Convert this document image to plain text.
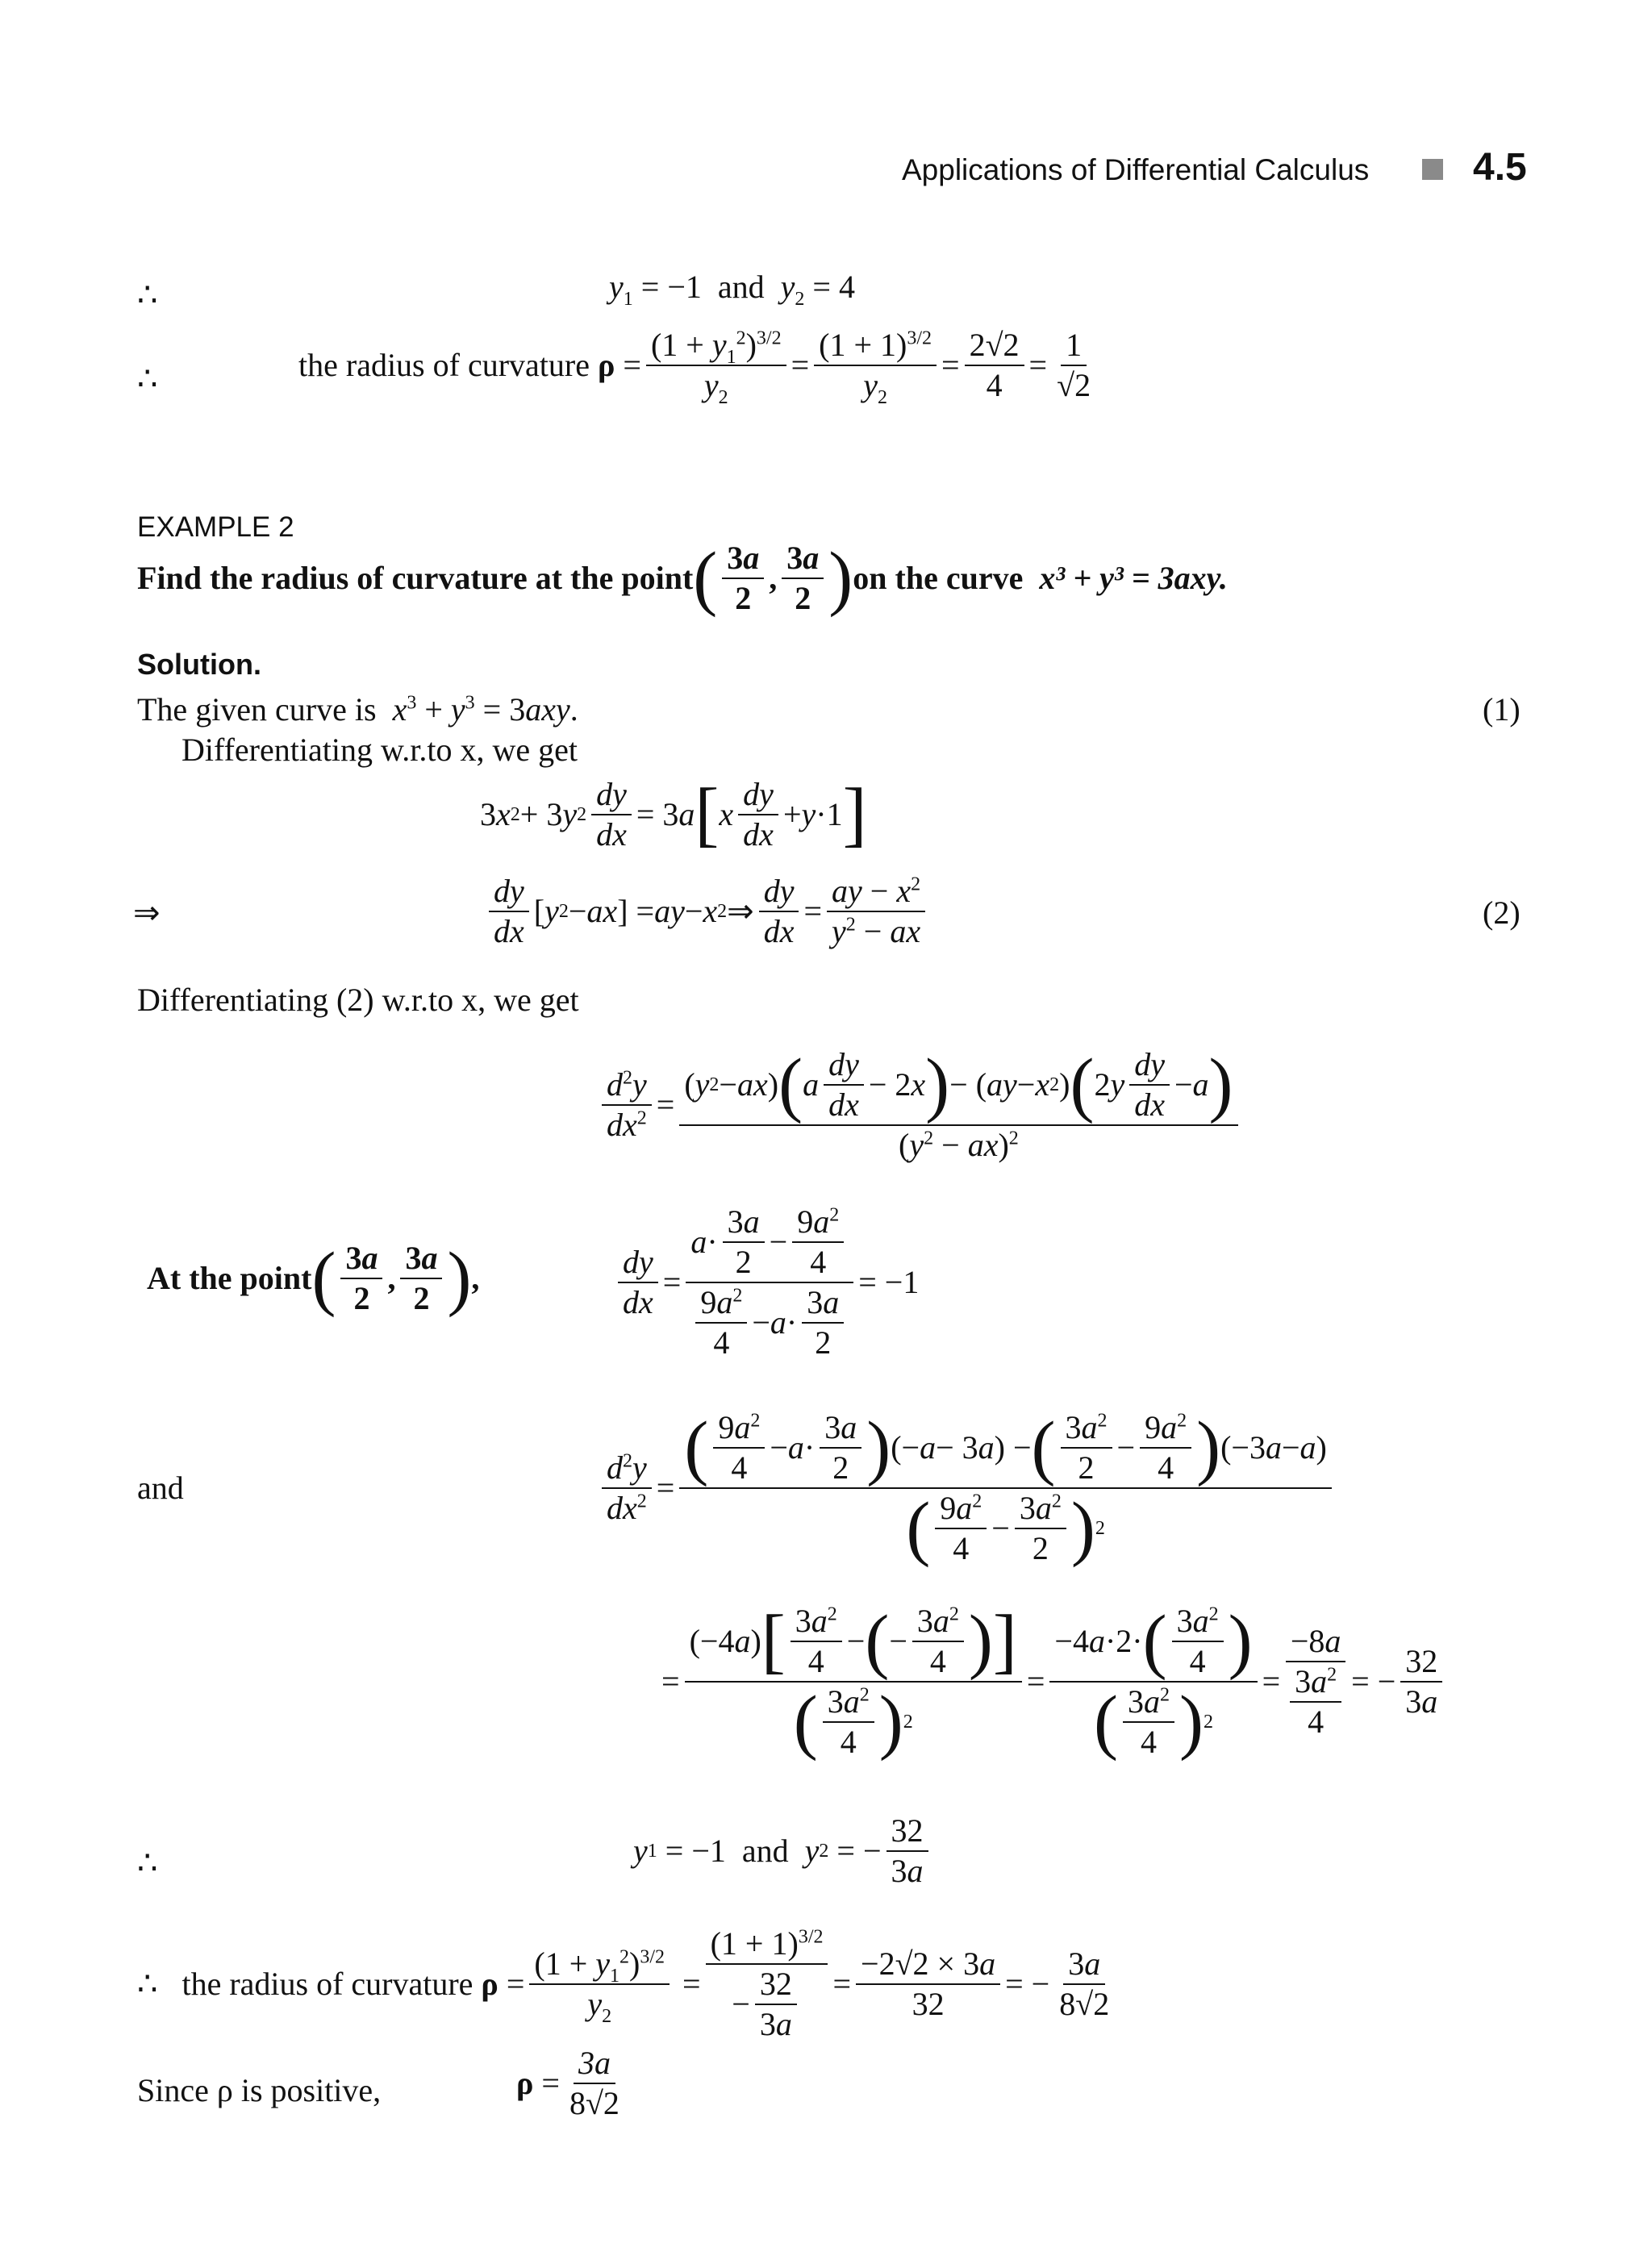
Applications of Differential Calculus	4.5
∴	$y_1 = -1$  and  $y_2 = 4$
∴	the radius of curvature
$\rho = \frac{(1 + y_1^2)^{3/2}}{y_2} = \frac{(1 + 1)^{3/2}}{y_2} = \frac{2√2}{4} = \frac{1}{√2}$
EXAMPLE 2
Find the radius of curvature at the point ( $\frac{3a}{2}$ , $\frac{3a}{2}$ ) on the curve
x³ + y³ = 3axy.
Solution.
The given curve is $x^3 + y^3 = 3axy$.	(1)
Differentiating w.r.to x, we get
3 x 2 + 3 y $2 \frac{dy}{dx} = 3$ a [ x $\frac{dy}{dx} + y \cdot 1$ ]
⇒	$\frac{dy}{dx}$ [ y 2 − ax ] = ay − x 2 ⇒ $\frac{dy}{dx} = \frac{ay - x^2}{y^2 - ax}$	(2)
Differentiating (2) w.r.to x, we get
$\frac{d^2y}{dx^2} = \frac{( y 2 - ax ) ( a \frac{dy}{dx} - 2 x ) - ( ay - x 2 ) ( 2 y \frac{dy}{dx} - a )}{(y^2 - ax)^2}$
At the point ( $\frac{3a}{2}$ , $\frac{3a}{2}$ ) ,	$\frac{dy}{dx} = \frac{a \cdot \frac{3a}{2} - \frac{9a^2}{4}}{\frac{9a^2}{4} - a \cdot \frac{3a}{2}} = -1$
and	$\frac{d^2y}{dx^2} = \frac{( \frac{9a^2}{4} - a \cdot \frac{3a}{2} ) (- a - 3 a ) - ( \frac{3a^2}{2} - \frac{9a^2}{4} ) (-3 a - a )}{( \frac{9a^2}{4} - \frac{3a^2}{2} ) 2}$
= $\frac{(-4 a ) [ \frac{3a^2}{4} - ( - \frac{3a^2}{4} ) ]}{( \frac{3a^2}{4} ) 2} = \frac{-4 a \cdot 2\cdot ( \frac{3a^2}{4} )}{( \frac{3a^2}{4} ) 2} = \frac{-8a}{\frac{3a^2}{4}}$ = − $\frac{32}{3a}$
∴	y 1 = −1  and y 2 = − $\frac{32}{3a}$
∴
the radius of curvature
$\rho = \frac{(1 + y_1^2)^{3/2}}{y_2} = \frac{(1 + 1)^{3/2}}{- \frac{32}{3a}} = \frac{-2√2 \times 3a}{32}$ = − $\frac{3a}{8√2}$
Since ρ is positive,	$\rho = \frac{3a}{8√2}$
